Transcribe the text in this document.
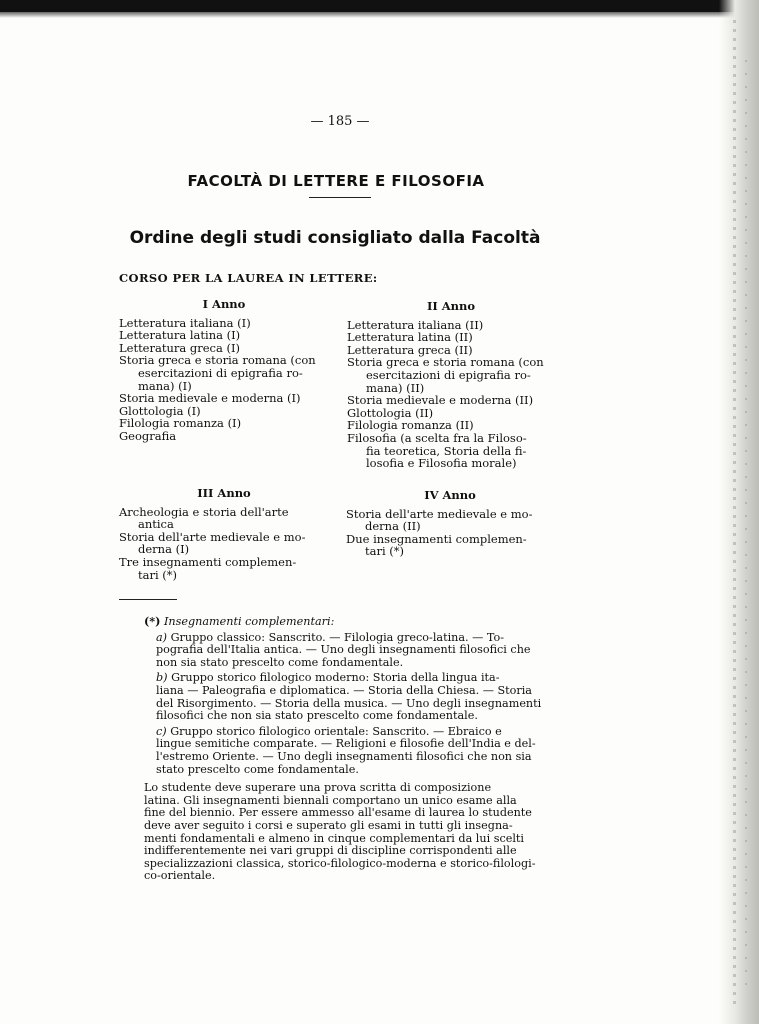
— 185 —
FACOLTÀ DI LETTERE E FILOSOFIA
Ordine degli studi consigliato dalla Facoltà
CORSO PER LA LAUREA IN LETTERE:
I Anno
Letteratura italiana (I)
Letteratura latina (I)
Letteratura greca (I)
Storia greca e storia romana (con
esercitazioni di epigrafia ro-
mana) (I)
Storia medievale e moderna (I)
Glottologia (I)
Filologia romanza (I)
Geografia
II Anno
Letteratura italiana (II)
Letteratura latina (II)
Letteratura greca (II)
Storia greca e storia romana (con
esercitazioni di epigrafia ro-
mana) (II)
Storia medievale e moderna (II)
Glottologia (II)
Filologia romanza (II)
Filosofia (a scelta fra la Filoso-
fia teoretica, Storia della fi-
losofia e Filosofia morale)
III Anno
Archeologia e storia dell'arte
antica
Storia dell'arte medievale e mo-
derna (I)
Tre insegnamenti complemen-
tari (*)
IV Anno
Storia dell'arte medievale e mo-
derna (II)
Due insegnamenti complemen-
tari (*)
(*) Insegnamenti complementari:
a) Gruppo classico: Sanscrito. — Filologia greco-latina. — To-
pografia dell'Italia antica. — Uno degli insegnamenti filosofici che
non sia stato prescelto come fondamentale.
b) Gruppo storico filologico moderno: Storia della lingua ita-
liana — Paleografia e diplomatica. — Storia della Chiesa. — Storia
del Risorgimento. — Storia della musica. — Uno degli insegnamenti
filosofici che non sia stato prescelto come fondamentale.
c) Gruppo storico filologico orientale: Sanscrito. — Ebraico e
lingue semitiche comparate. — Religioni e filosofie dell'India e del-
l'estremo Oriente. — Uno degli insegnamenti filosofici che non sia
stato prescelto come fondamentale.
Lo studente deve superare una prova scritta di composizione
latina. Gli insegnamenti biennali comportano un unico esame alla
fine del biennio. Per essere ammesso all'esame di laurea lo studente
deve aver seguito i corsi e superato gli esami in tutti gli insegna-
menti fondamentali e almeno in cinque complementari da lui scelti
indifferentemente nei vari gruppi di discipline corrispondenti alle
specializzazioni classica, storico-filologico-moderna e storico-filologi-
co-orientale.
